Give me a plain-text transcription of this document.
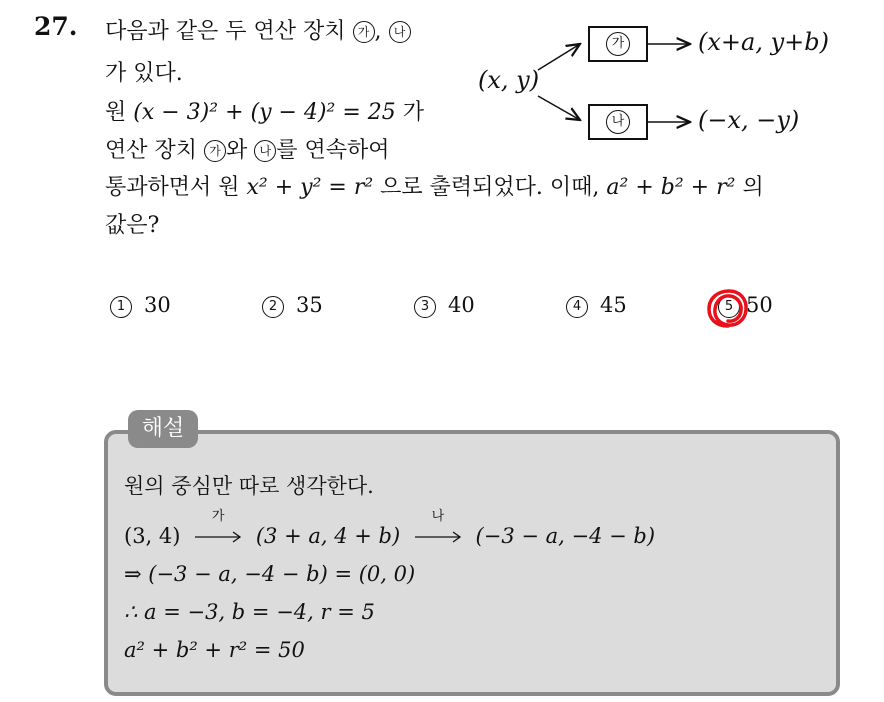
27. 다음과 같은 두 연산 장치 가 , 나
가 있다.
원 (x − 3)² + (y − 4)² = 25 가
연산 장치 가 와 나 를 연속하여
통과하면서 원 x² + y² = r² 으로 출력되었다. 이때, a² + b² + r² 의
값은?
(x, y)
가
나
(x+a, y+b)
(−x, −y)
1 30	2 35	3 40	4 45	5 50
해설
원의 중심만 따로 생각한다.
(3, 4)
가
(3 + a, 4 + b)
나
(−3 − a, −4 − b)
⇒ (−3 − a, −4 − b) = (0, 0)
∴ a = −3, b = −4, r = 5
a² + b² + r² = 50
